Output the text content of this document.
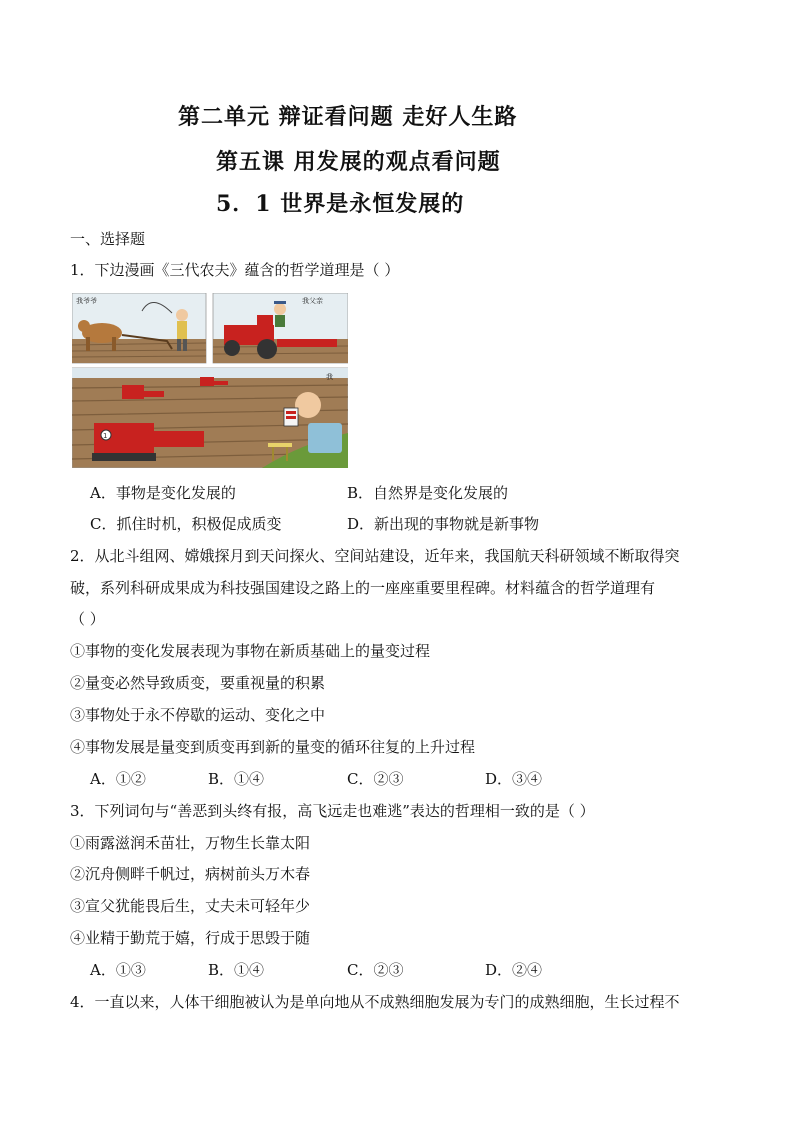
第二单元 辩证看问题 走好人生路
第五课 用发展的观点看问题
5．1 世界是永恒发展的
一、选择题
1．下边漫画《三代农夫》蕴含的哲学道理是（ ）
我爷爷	我父亲
1
我
A．事物是变化发展的	B．自然界是变化发展的
C．抓住时机，积极促成质变	D．新出现的事物就是新事物
2．从北斗组网、嫦娥探月到天问探火、空间站建设，近年来，我国航天科研领域不断取得突
破，系列科研成果成为科技强国建设之路上的一座座重要里程碑。材料蕴含的哲学道理有
（ ）
①事物的变化发展表现为事物在新质基础上的量变过程
②量变必然导致质变，要重视量的积累
③事物处于永不停歇的运动、变化之中
④事物发展是量变到质变再到新的量变的循环往复的上升过程
A．①②	B．①④	C．②③	D．③④
3．下列词句与“善恶到头终有报，高飞远走也难逃”表达的哲理相一致的是（ ）
①雨露滋润禾苗壮，万物生长靠太阳
②沉舟侧畔千帆过，病树前头万木春
③宣父犹能畏后生，丈夫未可轻年少
④业精于勤荒于嬉，行成于思毁于随
A．①③	B．①④	C．②③	D．②④
4．一直以来，人体干细胞被认为是单向地从不成熟细胞发展为专门的成熟细胞，生长过程不
